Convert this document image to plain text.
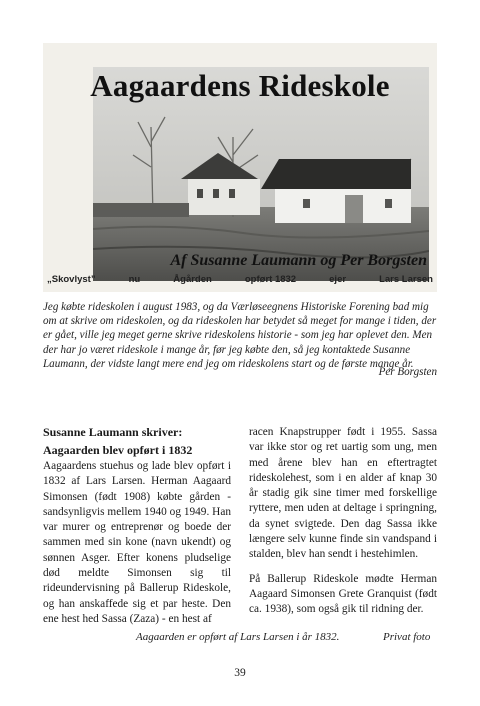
Aagaardens Rideskole
Af Susanne Laumann og Per Borgsten
„Skovlyst”	nu	Ågården	opført 1832	ejer	Lars Larsen
Jeg købte rideskolen i august 1983, og da Værløseegnens Historiske Forening bad mig om at skrive om rideskolen, og da rideskolen har betydet så meget for mange i tiden, der er gået, ville jeg meget gerne skrive rideskolens historie - som jeg har oplevet den. Men der har jo været rideskole i mange år, før jeg købte den, så jeg kontaktede Susanne Laumann, der vidste langt mere end jeg om rideskolens start og de første mange år.
Per Borgsten
Susanne Laumann skriver:
Aagaarden blev opført i 1832

Aagaardens stuehus og lade blev opført i 1832 af Lars Larsen. Herman Aagaard Simonsen (født 1908) købte gården - sandsynligvis mellem 1940 og 1949. Han var murer og entreprenør og boede der sammen med sin kone (navn ukendt) og sønnen Asger. Efter konens pludselige død meldte Simonsen sig til rideundervisning på Ballerup Rideskole, og han anskaffede sig et par heste. Den ene hest hed Sassa (Zaza) - en hest af

racen Knapstrupper født i 1955. Sassa var ikke stor og ret uartig som ung, men med årene blev han en eftertragtet rideskolehest, som i en alder af knap 30 år stadig gik sine timer med forskellige ryttere, men uden at deltage i springning, da synet svigtede. Den dag Sassa ikke længere selv kunne finde sin vandspand i stalden, blev han sendt i hestehimlen.

På Ballerup Rideskole mødte Herman Aagaard Simonsen Grete Granquist (født ca. 1938), som også gik til ridning der.

Aagaarden er opført af Lars Larsen i år 1832.	Privat foto
39
